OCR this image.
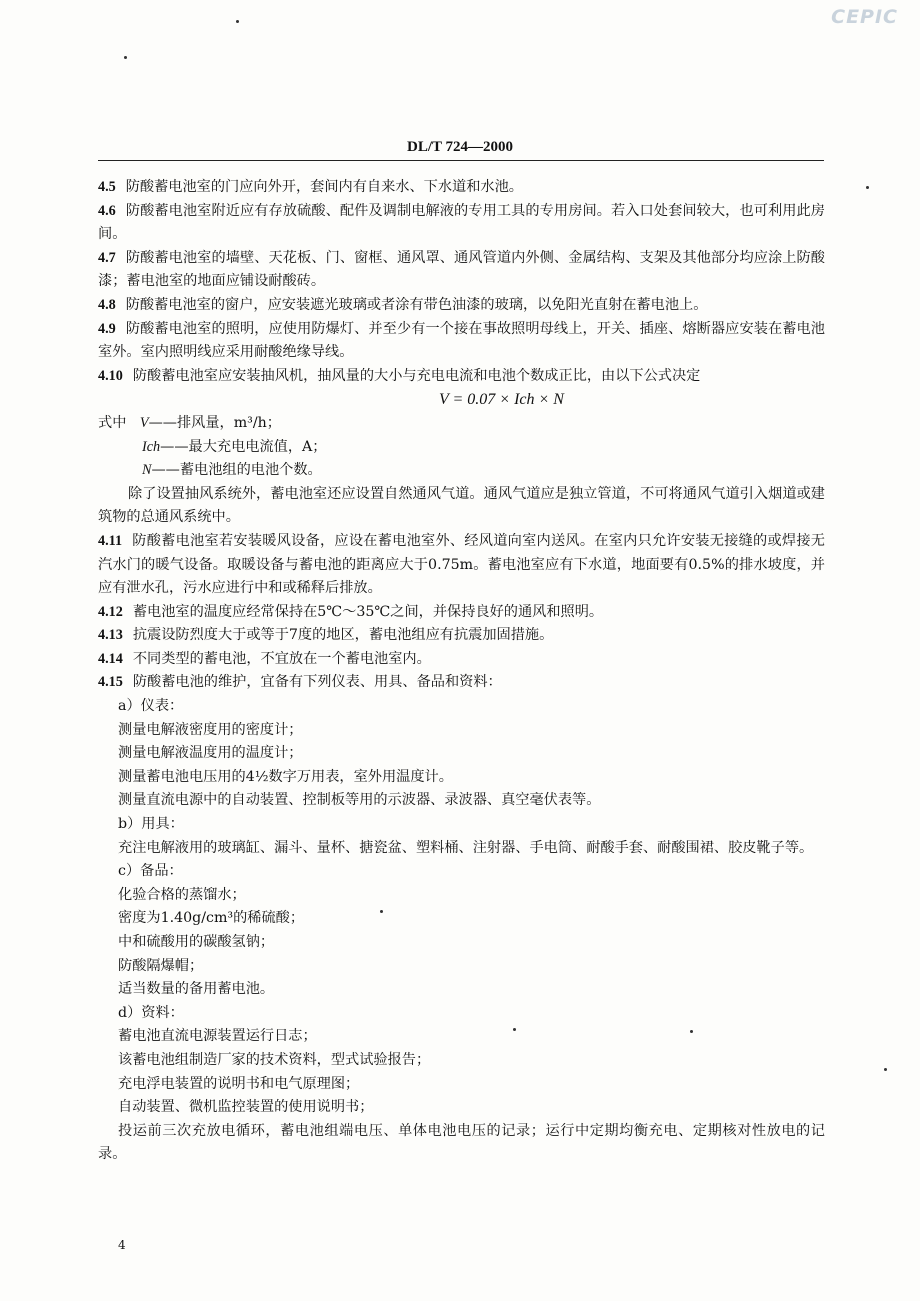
CEPIC
DL/T 724—2000

4.5 防酸蓄电池室的门应向外开，套间内有自来水、下水道和水池。

4.6 防酸蓄电池室附近应有存放硫酸、配件及调制电解液的专用工具的专用房间。若入口处套间较大，也可利用此房间。

4.7 防酸蓄电池室的墙壁、天花板、门、窗框、通风罩、通风管道内外侧、金属结构、支架及其他部分均应涂上防酸漆；蓄电池室的地面应铺设耐酸砖。

4.8 防酸蓄电池室的窗户，应安装遮光玻璃或者涂有带色油漆的玻璃，以免阳光直射在蓄电池上。

4.9 防酸蓄电池室的照明，应使用防爆灯、并至少有一个接在事故照明母线上，开关、插座、熔断器应安装在蓄电池室外。室内照明线应采用耐酸绝缘导线。

4.10 防酸蓄电池室应安装抽风机，抽风量的大小与充电电流和电池个数成正比，由以下公式决定

V = 0.07 × Ich × N

式中 V——排风量，m³/h；

Ich——最大充电电流值，A；

N——蓄电池组的电池个数。

除了设置抽风系统外，蓄电池室还应设置自然通风气道。通风气道应是独立管道，不可将通风气道引入烟道或建筑物的总通风系统中。

4.11 防酸蓄电池室若安装暖风设备，应设在蓄电池室外、经风道向室内送风。在室内只允许安装无接缝的或焊接无汽水门的暖气设备。取暖设备与蓄电池的距离应大于0.75m。蓄电池室应有下水道，地面要有0.5%的排水坡度，并应有泄水孔，污水应进行中和或稀释后排放。

4.12 蓄电池室的温度应经常保持在5℃～35℃之间，并保持良好的通风和照明。

4.13 抗震设防烈度大于或等于7度的地区，蓄电池组应有抗震加固措施。

4.14 不同类型的蓄电池，不宜放在一个蓄电池室内。

4.15 防酸蓄电池的维护，宜备有下列仪表、用具、备品和资料：

a）仪表：

测量电解液密度用的密度计；

测量电解液温度用的温度计；

测量蓄电池电压用的4½数字万用表，室外用温度计。

测量直流电源中的自动装置、控制板等用的示波器、录波器、真空毫伏表等。

b）用具：

充注电解液用的玻璃缸、漏斗、量杯、搪瓷盆、塑料桶、注射器、手电筒、耐酸手套、耐酸围裙、胶皮靴子等。

c）备品：

化验合格的蒸馏水；

密度为1.40g/cm³的稀硫酸；

中和硫酸用的碳酸氢钠；

防酸隔爆帽；

适当数量的备用蓄电池。

d）资料：

蓄电池直流电源装置运行日志；

该蓄电池组制造厂家的技术资料，型式试验报告；

充电浮电装置的说明书和电气原理图；

自动装置、微机监控装置的使用说明书；

投运前三次充放电循环，蓄电池组端电压、单体电池电压的记录；运行中定期均衡充电、定期核对性放电的记录。

4
